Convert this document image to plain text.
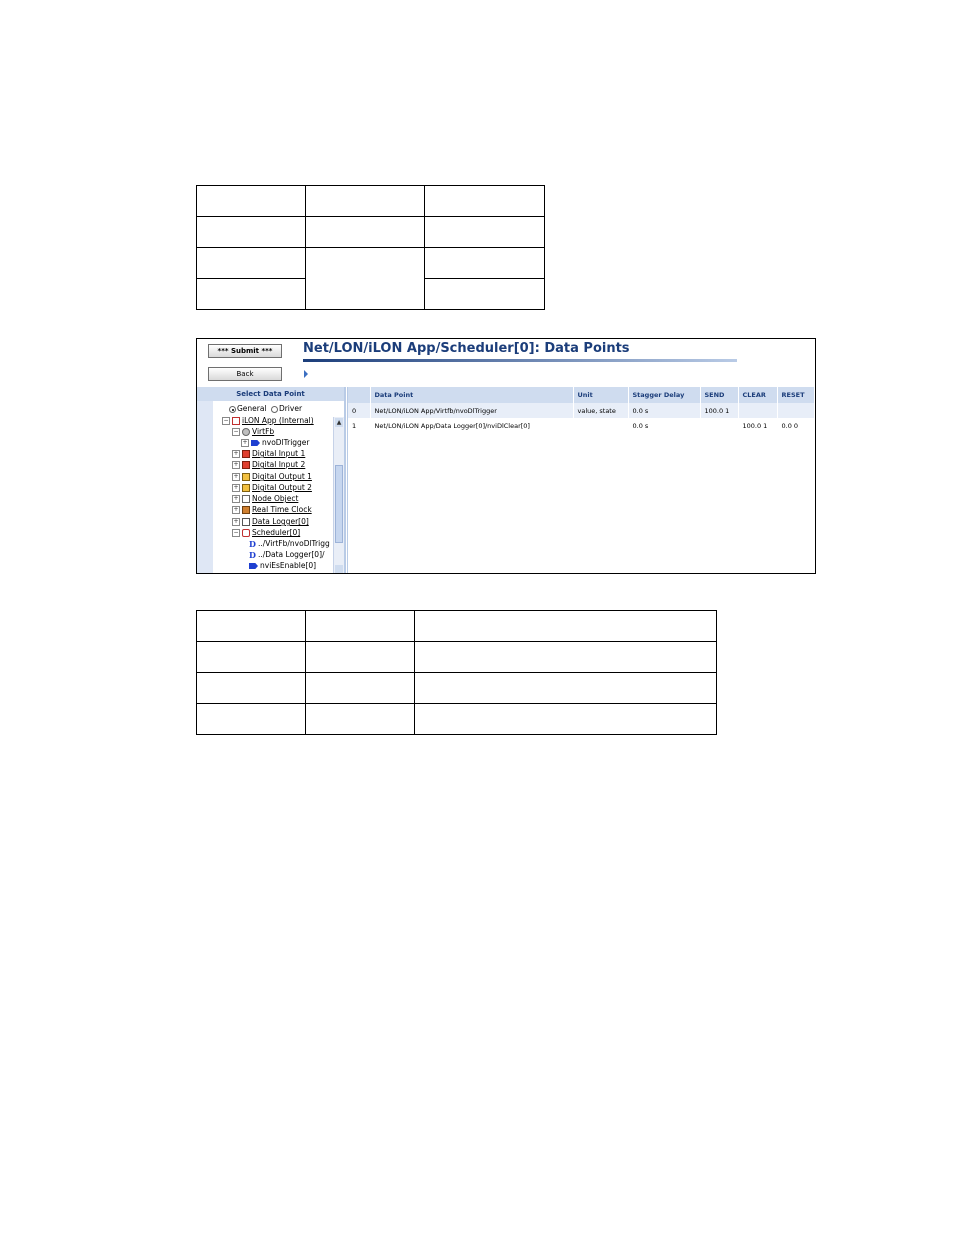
*** Submit ***
Back
Net/LON/iLON App/Scheduler[0]: Data Points
Select Data Point
General Driver
− iLON App (Internal)
− VirtFb
+ nvoDlTrigger
+ Digital Input 1
+ Digital Input 2
+ Digital Output 1
+ Digital Output 2
+ Node Object
+ Real Time Clock
+ Data Logger[0]
− Scheduler[0]
D ../VirtFb/nvoDlTrigg
D ../Data Logger[0]/
nviEsEnable[0]
▲
	Data Point	Unit	Stagger Delay	SEND	CLEAR	RESET
0	Net/LON/iLON App/Virtfb/nvoDlTrigger	value, state	0.0 s	100.0 1		
1	Net/LON/iLON App/Data Logger[0]/nviDlClear[0]		0.0 s		100.0 1	0.0 0
